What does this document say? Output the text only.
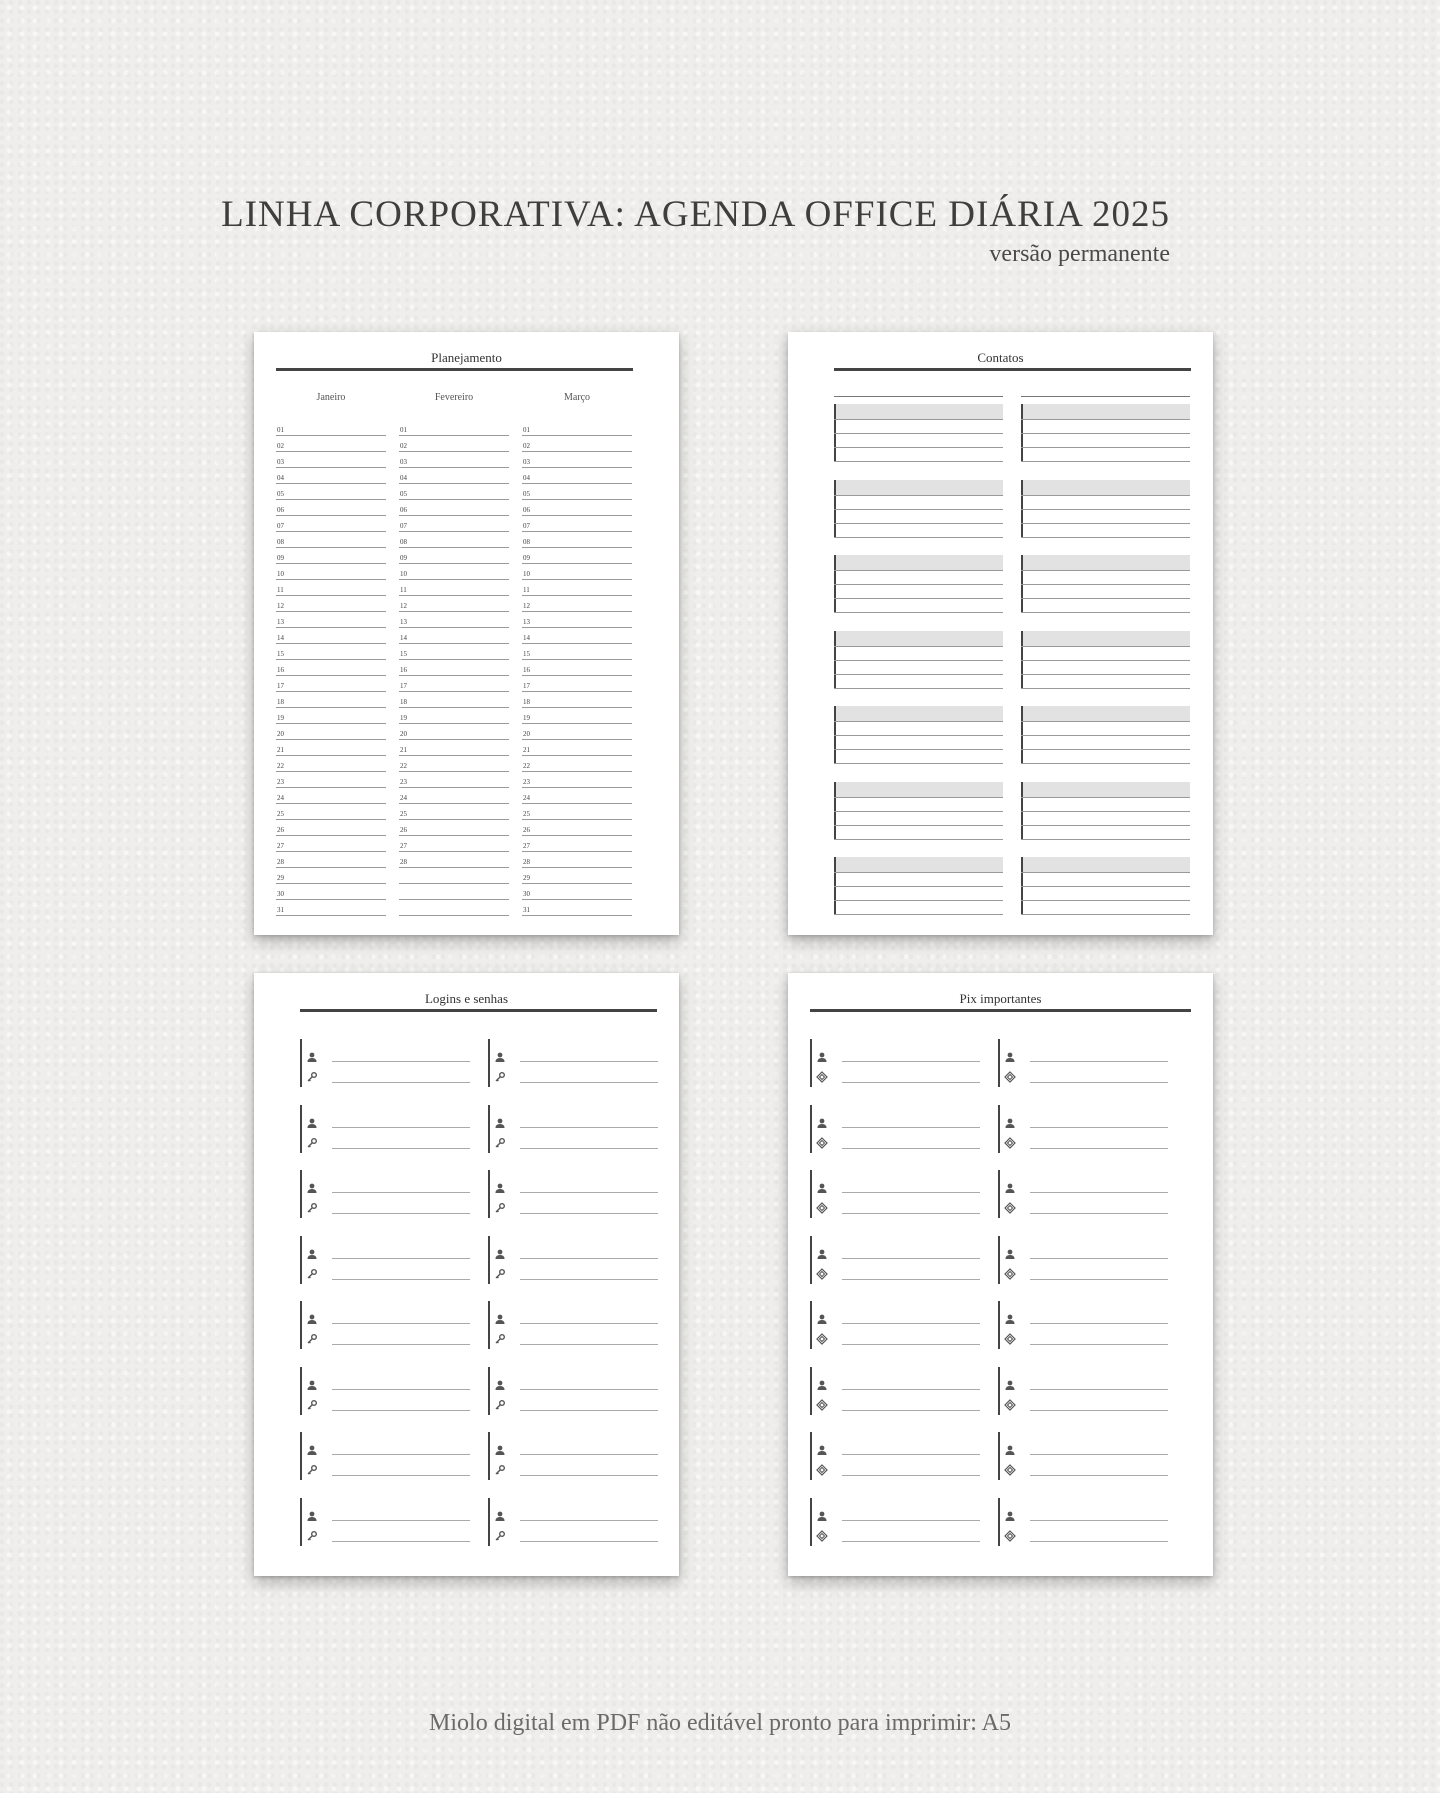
LINHA CORPORATIVA: AGENDA OFFICE DIÁRIA 2025
versão permanente
Planejamento
Janeiro
01
02
03
04
05
06
07
08
09
10
11
12
13
14
15
16
17
18
19
20
21
22
23
24
25
26
27
28
29
30
31
Fevereiro
01
02
03
04
05
06
07
08
09
10
11
12
13
14
15
16
17
18
19
20
21
22
23
24
25
26
27
28
Março
01
02
03
04
05
06
07
08
09
10
11
12
13
14
15
16
17
18
19
20
21
22
23
24
25
26
27
28
29
30
31
Contatos
Logins e senhas	Pix importantes
Miolo digital em PDF não editável pronto para imprimir: A5
